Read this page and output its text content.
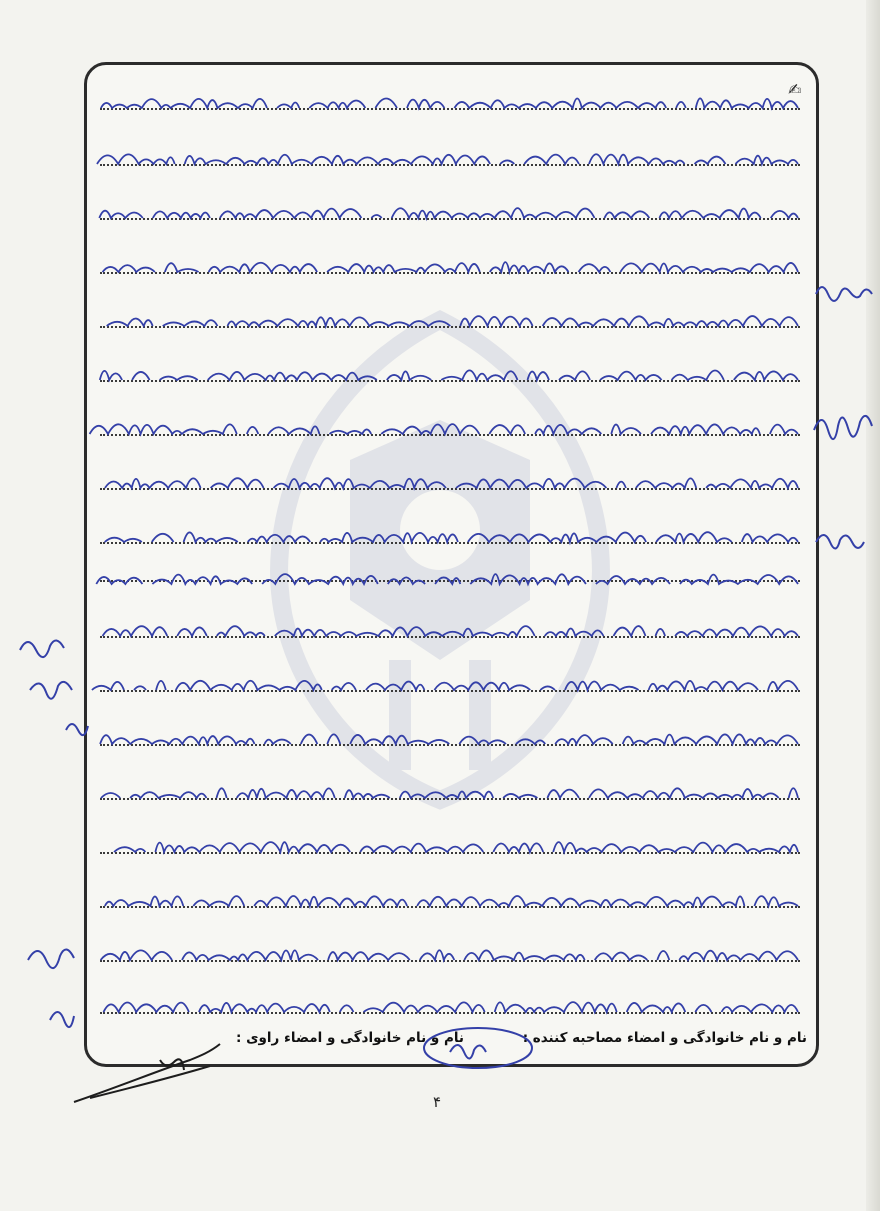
✍
نام و نام خانوادگی و امضاء مصاحبه کننده :
نام و نام خانوادگی و امضاء راوی :
۴
